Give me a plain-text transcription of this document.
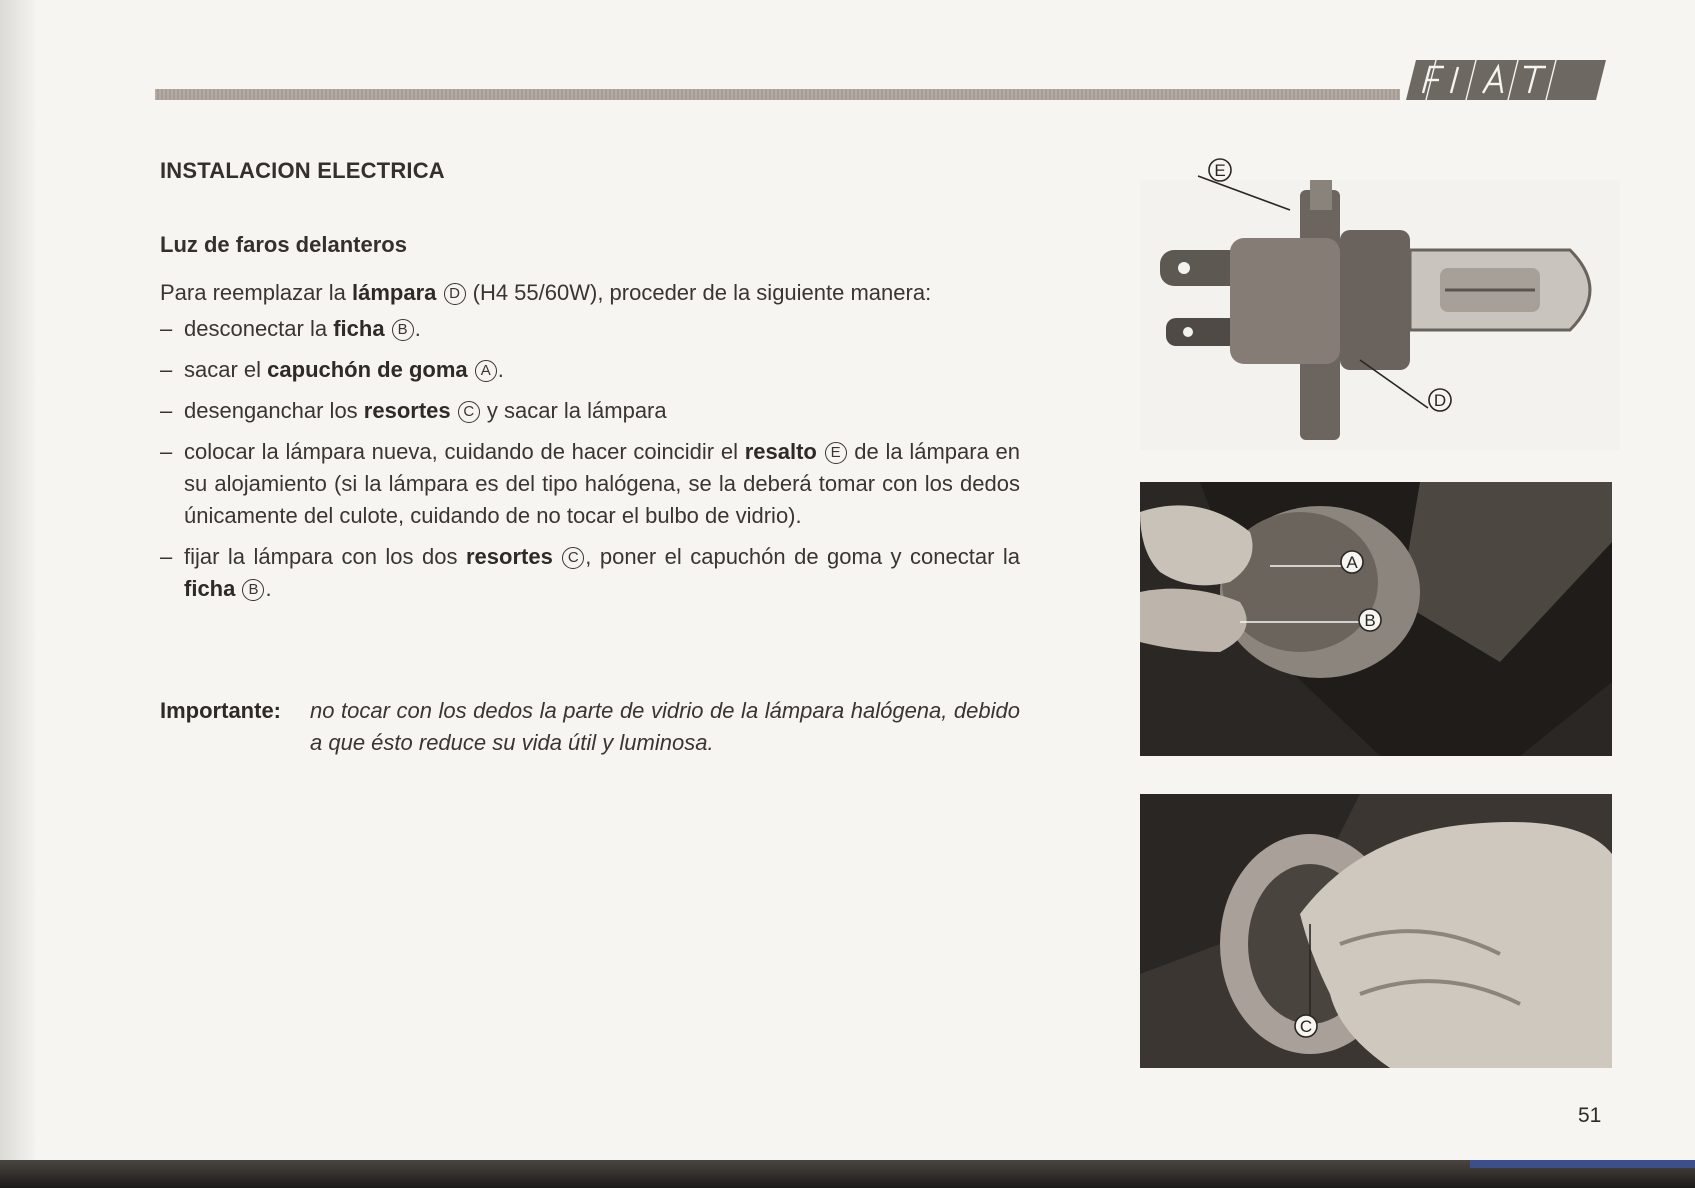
FIAT
INSTALACION ELECTRICA
Luz de faros delanteros
Para reemplazar la lámpara D (H4 55/60W), proceder de la siguiente manera:
– desconectar la ficha B .
– sacar el capuchón de goma A .
– desenganchar los resortes C y sacar la lámpara
– colocar la lámpara nueva, cuidando de hacer coincidir el resalto E de la lámpara en su alojamiento (si la lámpara es del tipo halógena, se la deberá tomar con los dedos únicamente del culote, cuidando de no tocar el bulbo de vidrio).
– fijar la lámpara con los dos resortes C , poner el capuchón de goma y conectar la ficha B .
Importante: no tocar con los dedos la parte de vidrio de la lámpara halógena, debido a que ésto reduce su vida útil y luminosa.
E
D
A
B
C
51
